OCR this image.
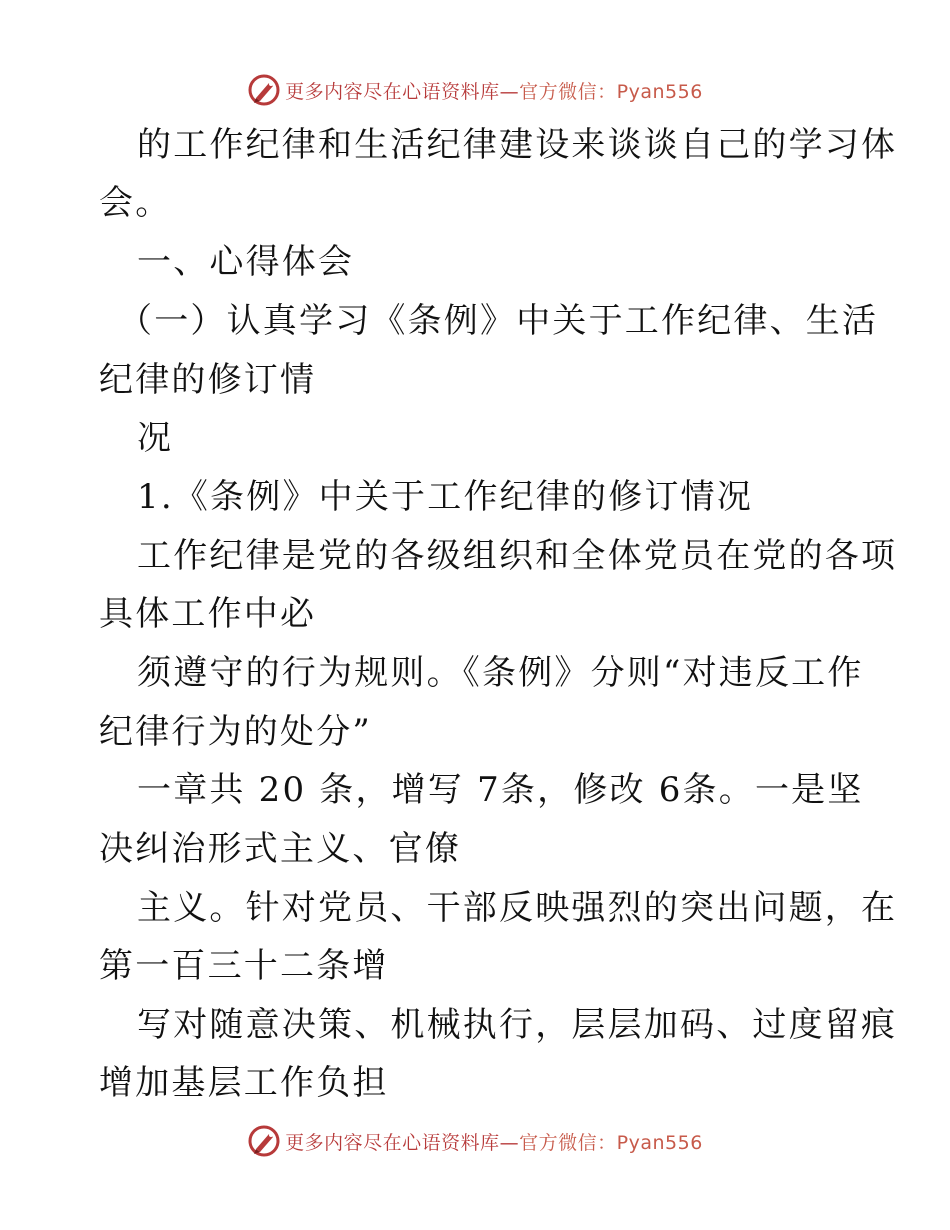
更多内容尽在心语资料库—官方微信：Pyan556
的工作纪律和生活纪律建设来谈谈自己的学习体
会。
一、心得体会
（一）认真学习《条例》中关于工作纪律、生活
纪律的修订情
况
1.《条例》中关于工作纪律的修订情况
工作纪律是党的各级组织和全体党员在党的各项
具体工作中必
须遵守的行为规则。《条例》分则“对违反工作
纪律行为的处分”
一章共 20 条，增写 7条，修改 6条。一是坚
决纠治形式主义、官僚
主义。针对党员、干部反映强烈的突出问题，在
第一百三十二条增
写对随意决策、机械执行，层层加码、过度留痕
增加基层工作负担
更多内容尽在心语资料库—官方微信：Pyan556
